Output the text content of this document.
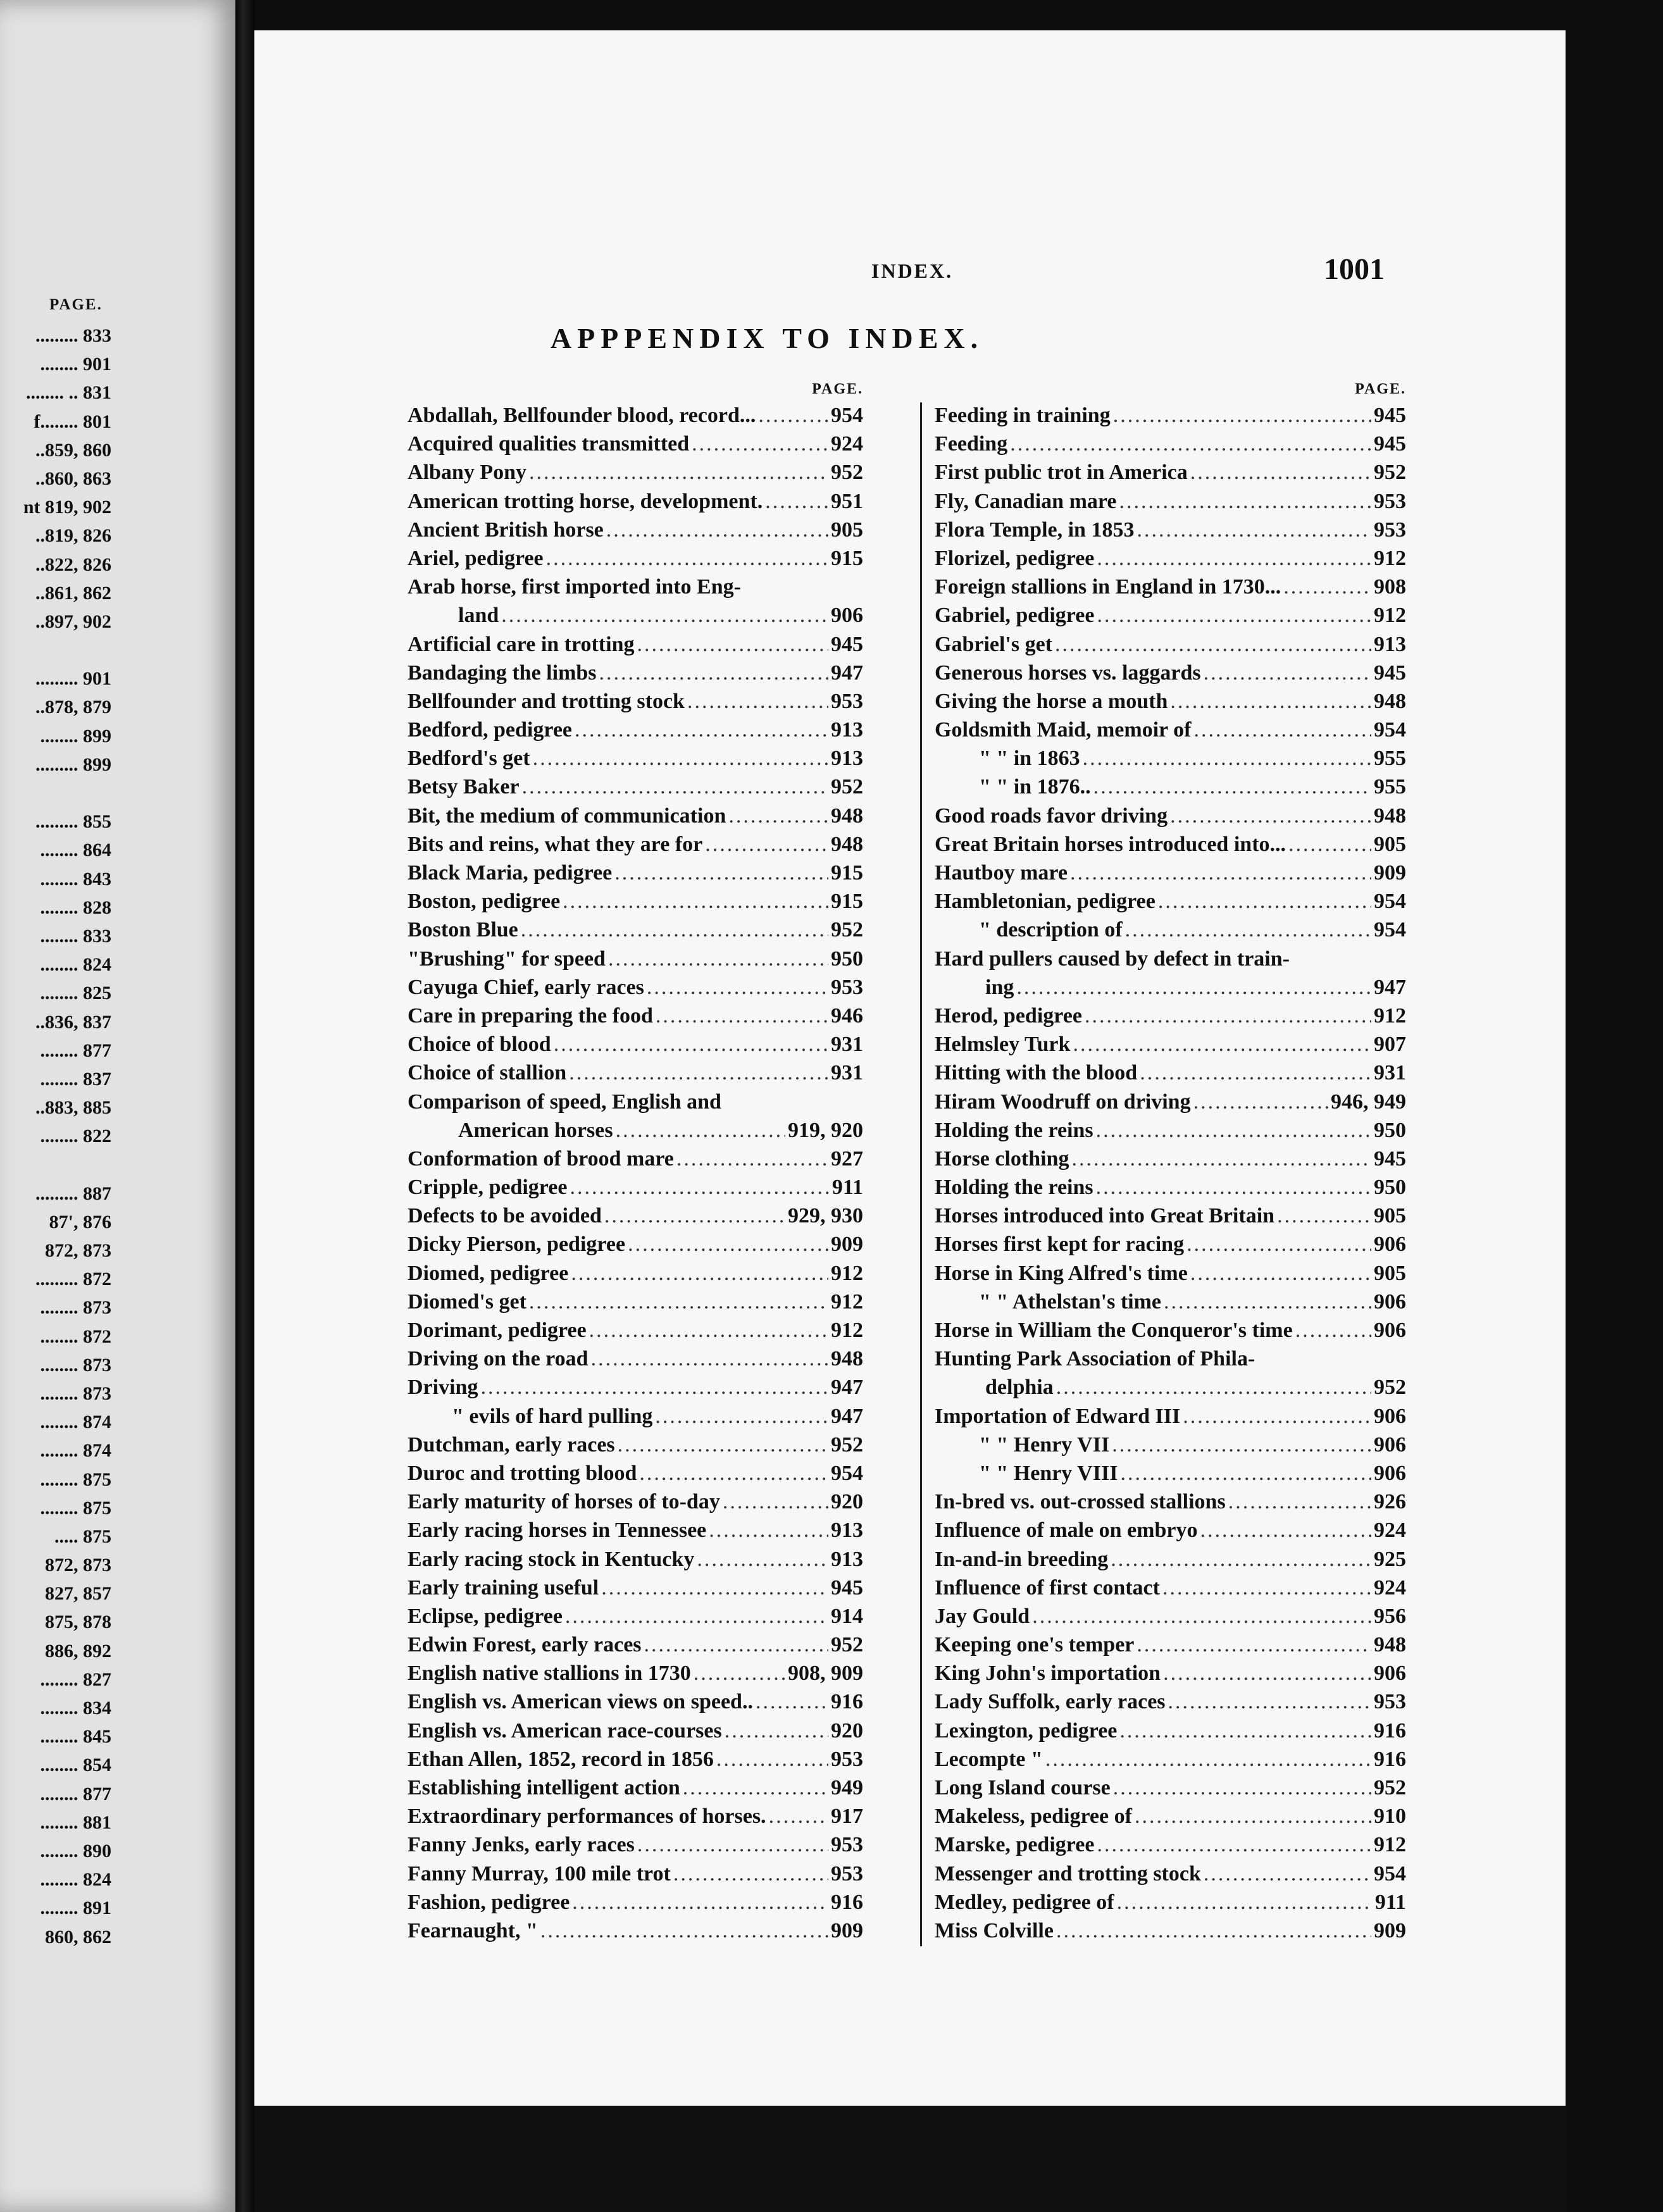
PAGE.
......... 833
........ 901
........ .. 831
f........ 801
..859, 860
..860, 863
nt 819, 902
..819, 826
..822, 826
..861, 862
..897, 902
......... 901
..878, 879
........ 899
......... 899
......... 855
........ 864
........ 843
........ 828
........ 833
........ 824
........ 825
..836, 837
........ 877
........ 837
..883, 885
........ 822
......... 887
87', 876
872, 873
......... 872
........ 873
........ 872
........ 873
........ 873
........ 874
........ 874
........ 875
........ 875
..... 875
872, 873
827, 857
875, 878
886, 892
........ 827
........ 834
........ 845
........ 854
........ 877
........ 881
........ 890
........ 824
........ 891
860, 862
INDEX.	1001
APPPENDIX TO INDEX.
PAGE.
Abdallah, Bellfounder blood, record... .....	954
Acquired qualities transmitted .....	924
Albany Pony .....	952
American trotting horse, development. .....	951
Ancient British horse .....	905
Ariel, pedigree .....	915
Arab horse, first imported into Eng-
land .....	906
Artificial care in trotting .....	945
Bandaging the limbs .....	947
Bellfounder and trotting stock .....	953
Bedford, pedigree .....	913
Bedford's get .....	913
Betsy Baker .....	952
Bit, the medium of communication .....	948
Bits and reins, what they are for .....	948
Black Maria, pedigree .....	915
Boston, pedigree .....	915
Boston Blue .....	952
"Brushing" for speed .....	950
Cayuga Chief, early races .....	953
Care in preparing the food .....	946
Choice of blood .....	931
Choice of stallion .....	931
Comparison of speed, English and
American horses .....	919, 920
Conformation of brood mare .....	927
Cripple, pedigree .....	911
Defects to be avoided .....	929, 930
Dicky Pierson, pedigree .....	909
Diomed, pedigree .....	912
Diomed's get .....	912
Dorimant, pedigree .....	912
Driving on the road .....	948
Driving .....	947
" evils of hard pulling .....	947
Dutchman, early races .....	952
Duroc and trotting blood .....	954
Early maturity of horses of to-day .....	920
Early racing horses in Tennessee .....	913
Early racing stock in Kentucky .....	913
Early training useful .....	945
Eclipse, pedigree .....	914
Edwin Forest, early races .....	952
English native stallions in 1730 .....	908, 909
English vs. American views on speed.. .....	916
English vs. American race-courses .....	920
Ethan Allen, 1852, record in 1856 .....	953
Establishing intelligent action .....	949
Extraordinary performances of horses. .....	917
Fanny Jenks, early races .....	953
Fanny Murray, 100 mile trot .....	953
Fashion, pedigree .....	916
Fearnaught, " .....	909
PAGE.
Feeding in training .....	945
Feeding .....	945
First public trot in America .....	952
Fly, Canadian mare .....	953
Flora Temple, in 1853 .....	953
Florizel, pedigree .....	912
Foreign stallions in England in 1730... .....	908
Gabriel, pedigree .....	912
Gabriel's get .....	913
Generous horses vs. laggards .....	945
Giving the horse a mouth .....	948
Goldsmith Maid, memoir of .....	954
" " in 1863 .....	955
" " in 1876.. .....	955
Good roads favor driving .....	948
Great Britain horses introduced into... .....	905
Hautboy mare .....	909
Hambletonian, pedigree .....	954
" description of .....	954
Hard pullers caused by defect in train-
ing .....	947
Herod, pedigree .....	912
Helmsley Turk .....	907
Hitting with the blood .....	931
Hiram Woodruff on driving .....	946, 949
Holding the reins .....	950
Horse clothing .....	945
Holding the reins .....	950
Horses introduced into Great Britain .....	905
Horses first kept for racing .....	906
Horse in King Alfred's time .....	905
" " Athelstan's time .....	906
Horse in William the Conqueror's time .....	906
Hunting Park Association of Phila-
delphia .....	952
Importation of Edward III .....	906
" " Henry VII .....	906
" " Henry VIII .....	906
In-bred vs. out-crossed stallions .....	926
Influence of male on embryo .....	924
In-and-in breeding .....	925
Influence of first contact .....	924
Jay Gould .....	956
Keeping one's temper .....	948
King John's importation .....	906
Lady Suffolk, early races .....	953
Lexington, pedigree .....	916
Lecompte " .....	916
Long Island course .....	952
Makeless, pedigree of .....	910
Marske, pedigree .....	912
Messenger and trotting stock .....	954
Medley, pedigree of .....	911
Miss Colville .....	909
